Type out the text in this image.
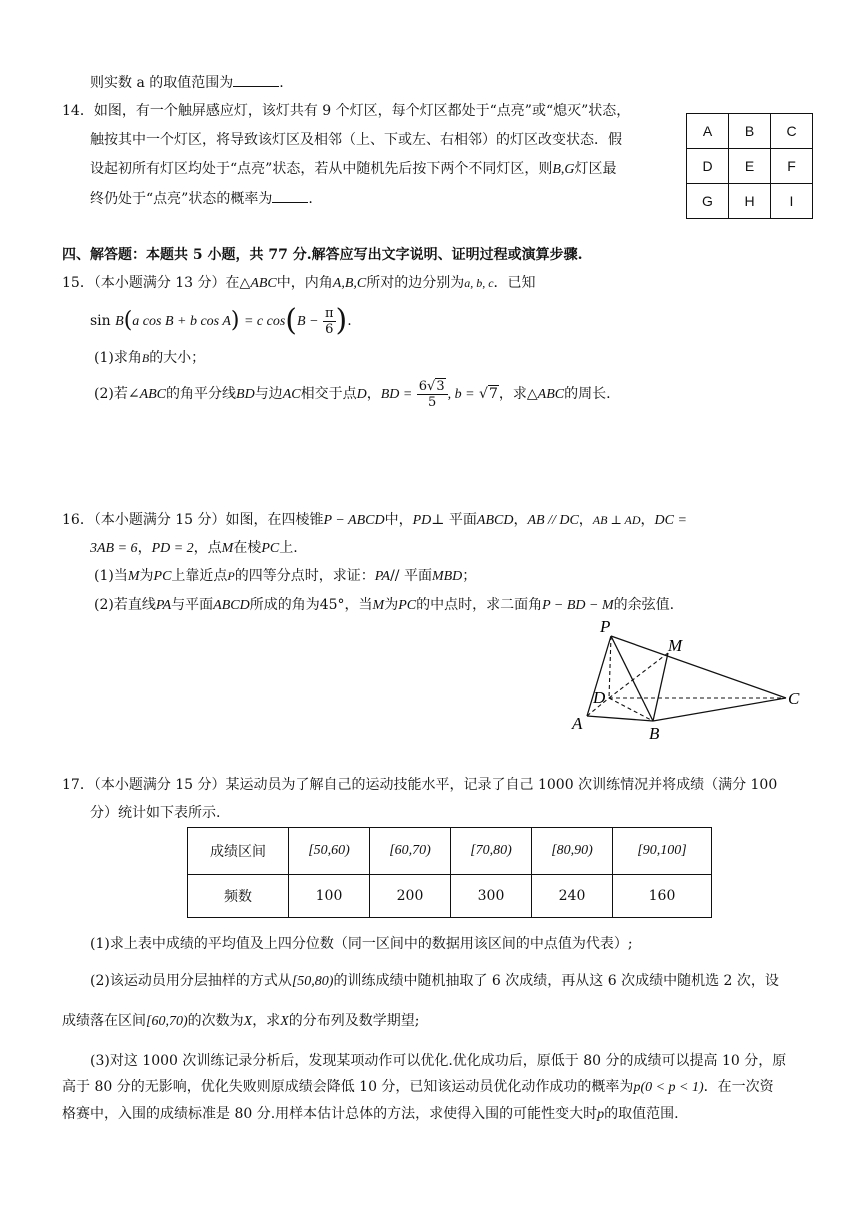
则实数 a 的取值范围为	.
14．如图，有一个触屏感应灯，该灯共有 9 个灯区，每个灯区都处于“点亮”或“熄灭”状态，
触按其中一个灯区，将导致该灯区及相邻（上、下或左、右相邻）的灯区改变状态．假
设起初所有灯区均处于“点亮”状态，若从中随机先后按下两个不同灯区，则B,G灯区最
终仍处于“点亮”状态的概率为	.
A	B	C
D	E	F
G	H	I
四、解答题：本题共 5 小题，共 77 分.解答应写出文字说明、证明过程或演算步骤.
15．（本小题满分 13 分）在△ABC中，内角A,B,C所对的边分别为a, b, c．已知
sin B(a cos B + b cos A) = c $\cos(B - \frac{\pi}{6}$ ).
(1)求角B的大小；
(2)若∠ABC的角平分线BD与边AC相交于点D，BD = $\frac{6√3}{5}$ , b = √7，求△ABC的周长.
16．（本小题满分 15 分）如图，在四棱锥P − ABCD中，PD⊥ 平面ABCD，AB // DC，AB ⊥ AD，DC =
3AB = 6，PD = 2，点M在棱PC上.
(1)当M为PC上靠近点P的四等分点时，求证：PA// 平面MBD；
(2)若直线PA与平面ABCD所成的角为45°，当M为PC的中点时，求二面角P − BD − M的余弦值.
P
M
D	C
A
B
17．（本小题满分 15 分）某运动员为了解自己的运动技能水平，记录了自己 1000 次训练情况并将成绩（满分 100
分）统计如下表所示.
成绩区间	[50,60)	[60,70)	[70,80)	[80,90)	[90,100]
频数	100	200	300	240	160
(1)求上表中成绩的平均值及上四分位数（同一区间中的数据用该区间的中点值为代表）;
(2)该运动员用分层抽样的方式从[50,80)的训练成绩中随机抽取了 6 次成绩，再从这 6 次成绩中随机选 2 次，设
成绩落在区间[60,70)的次数为X，求X的分布列及数学期望;
(3)对这 1000 次训练记录分析后，发现某项动作可以优化.优化成功后，原低于 80 分的成绩可以提高 10 分，原
高于 80 分的无影响，优化失败则原成绩会降低 10 分，已知该运动员优化动作成功的概率为p(0 < p < 1)．在一次资
格赛中，入围的成绩标准是 80 分.用样本估计总体的方法，求使得入围的可能性变大时p的取值范围.
